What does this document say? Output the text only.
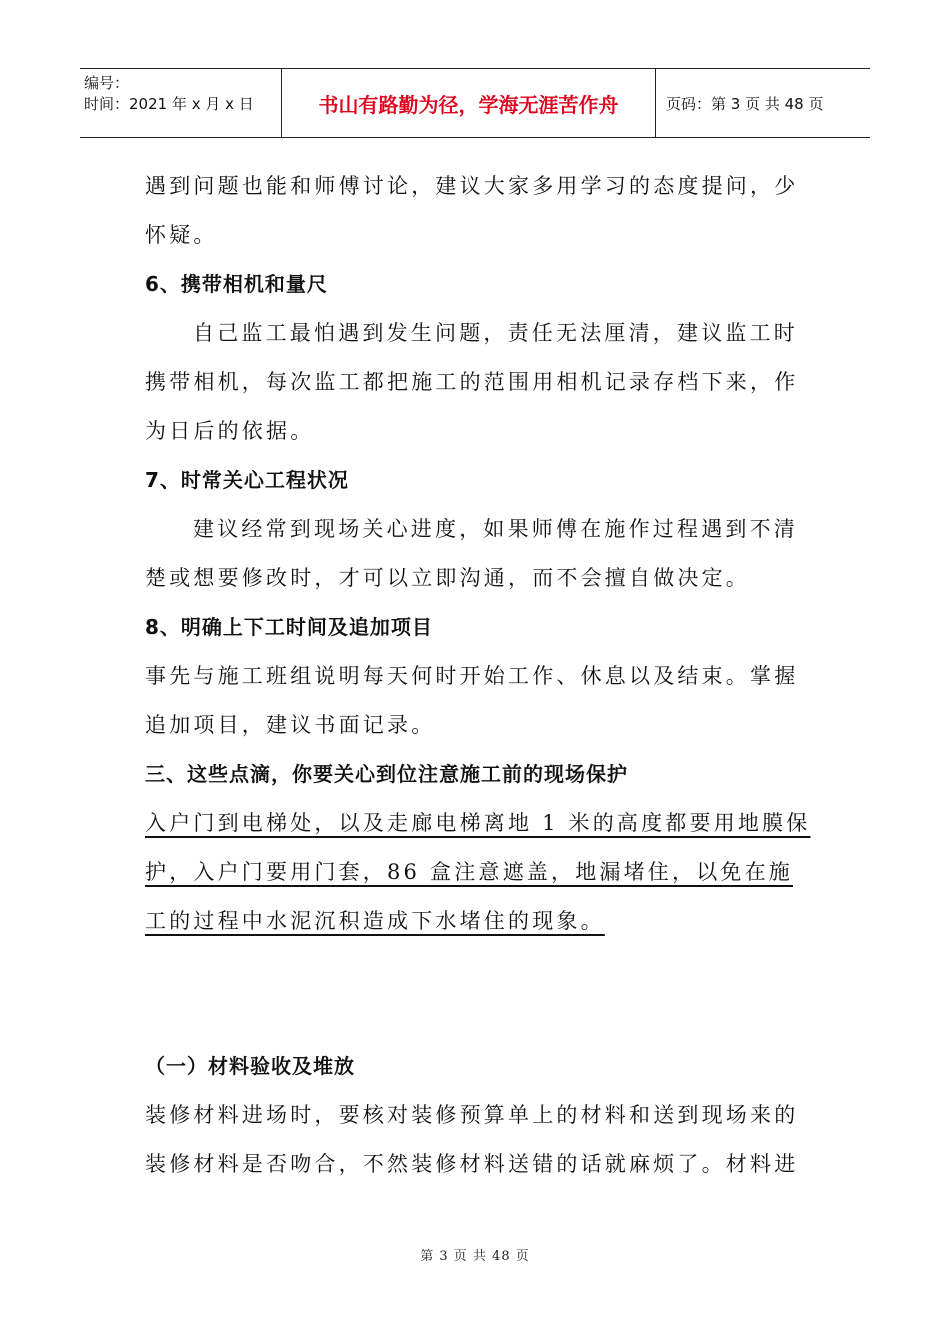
编号：
时间：2021 年 x 月 x 日	书山有路勤为径，学海无涯苦作舟	页码：第 3 页 共 48 页

遇到问题也能和师傅讨论，建议大家多用学习的态度提问，少怀疑。

6、携带相机和量尺

自己监工最怕遇到发生问题，责任无法厘清，建议监工时携带相机，每次监工都把施工的范围用相机记录存档下来，作为日后的依据。

7、时常关心工程状况

建议经常到现场关心进度，如果师傅在施作过程遇到不清楚或想要修改时，才可以立即沟通，而不会擅自做决定。

8、明确上下工时间及追加项目

事先与施工班组说明每天何时开始工作、休息以及结束。掌握追加项目，建议书面记录。

三、这些点滴，你要关心到位注意施工前的现场保护

入户门到电梯处，以及走廊电梯离地 1 米的高度都要用地膜保护，入户门要用门套，86 盒注意遮盖，地漏堵住，以免在施工的过程中水泥沉积造成下水堵住的现象。

（一）材料验收及堆放

装修材料进场时，要核对装修预算单上的材料和送到现场来的装修材料是否吻合，不然装修材料送错的话就麻烦了。材料进

第 3 页 共 48 页
